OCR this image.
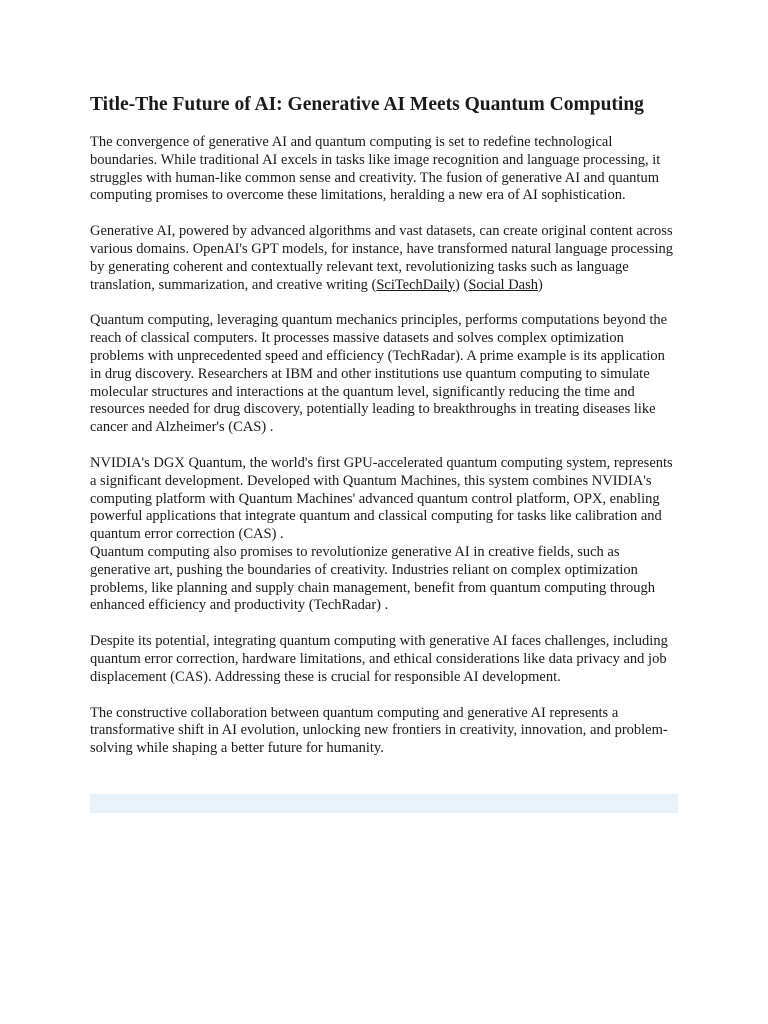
Title-The Future of AI: Generative AI Meets Quantum Computing

The convergence of generative AI and quantum computing is set to redefine technological boundaries. While traditional AI excels in tasks like image recognition and language processing, it struggles with human-like common sense and creativity. The fusion of generative AI and quantum computing promises to overcome these limitations, heralding a new era of AI sophistication.

Generative AI, powered by advanced algorithms and vast datasets, can create original content across various domains. OpenAI's GPT models, for instance, have transformed natural language processing by generating coherent and contextually relevant text, revolutionizing tasks such as language translation, summarization, and creative writing (SciTechDaily) (Social Dash)

Quantum computing, leveraging quantum mechanics principles, performs computations beyond the reach of classical computers. It processes massive datasets and solves complex optimization problems with unprecedented speed and efficiency (TechRadar). A prime example is its application in drug discovery. Researchers at IBM and other institutions use quantum computing to simulate molecular structures and interactions at the quantum level, significantly reducing the time and resources needed for drug discovery, potentially leading to breakthroughs in treating diseases like cancer and Alzheimer's (CAS) .

NVIDIA's DGX Quantum, the world's first GPU-accelerated quantum computing system, represents a significant development. Developed with Quantum Machines, this system combines NVIDIA's computing platform with Quantum Machines' advanced quantum control platform, OPX, enabling powerful applications that integrate quantum and classical computing for tasks like calibration and quantum error correction (CAS) .

Quantum computing also promises to revolutionize generative AI in creative fields, such as generative art, pushing the boundaries of creativity. Industries reliant on complex optimization problems, like planning and supply chain management, benefit from quantum computing through enhanced efficiency and productivity (TechRadar) .

Despite its potential, integrating quantum computing with generative AI faces challenges, including quantum error correction, hardware limitations, and ethical considerations like data privacy and job displacement (CAS). Addressing these is crucial for responsible AI development.

The constructive collaboration between quantum computing and generative AI represents a transformative shift in AI evolution, unlocking new frontiers in creativity, innovation, and problem-solving while shaping a better future for humanity.
